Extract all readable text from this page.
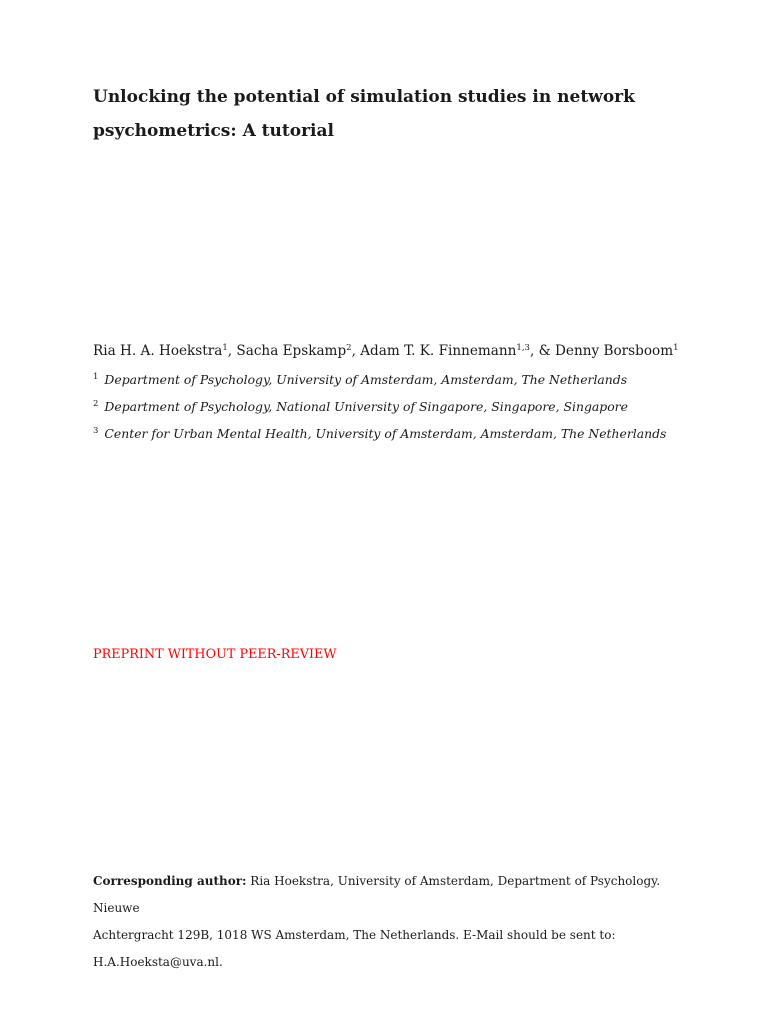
Unlocking the potential of simulation studies in network
psychometrics: A tutorial
Ria H. A. Hoekstra$^1$, Sacha Epskamp$^2$, Adam T. K. Finnemann$^{1,3}$, & Denny Borsboom$^1$
$^1$ Department of Psychology, University of Amsterdam, Amsterdam, The Netherlands
$^2$ Department of Psychology, National University of Singapore, Singapore, Singapore
$^3$ Center for Urban Mental Health, University of Amsterdam, Amsterdam, The Netherlands
PREPRINT WITHOUT PEER-REVIEW
Corresponding author: Ria Hoekstra, University of Amsterdam, Department of Psychology. Nieuwe
Achtergracht 129B, 1018 WS Amsterdam, The Netherlands. E-Mail should be sent to: H.A.Hoeksta@uva.nl.
